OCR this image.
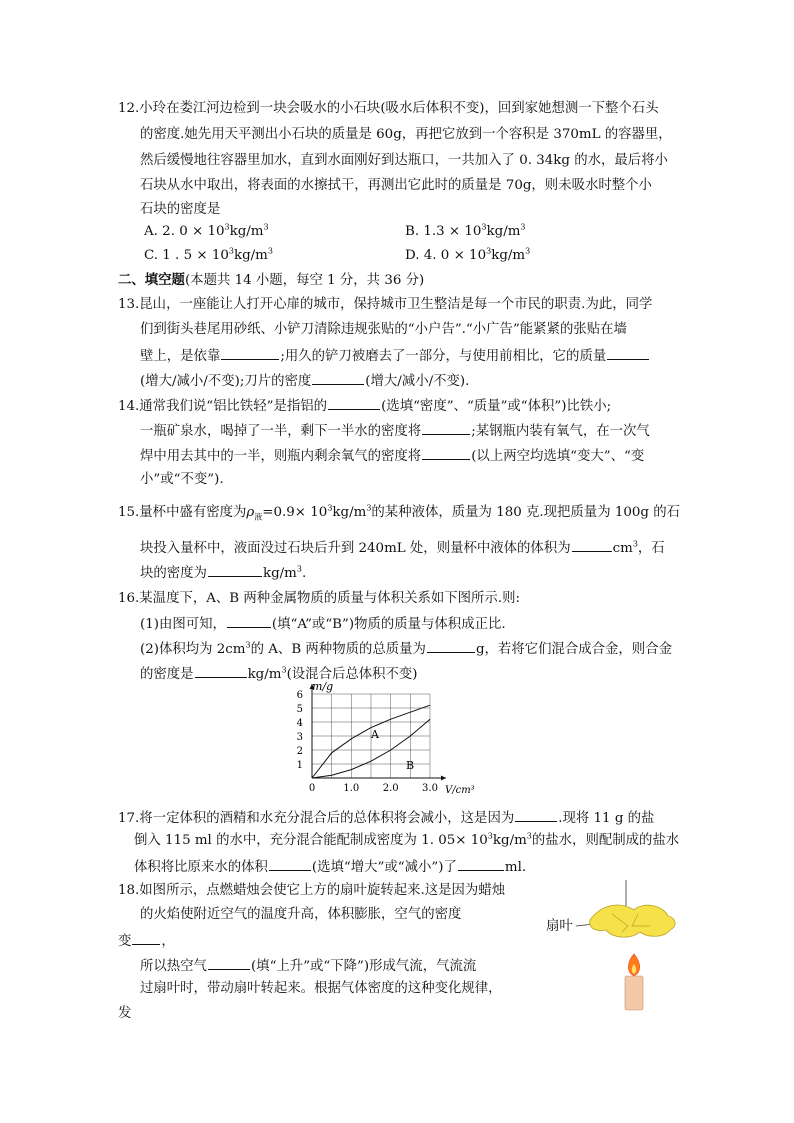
12.小玲在娄江河边检到一块会吸水的小石块(吸水后体积不变)，回到家她想测一下整个石头
的密度.她先用天平测出小石块的质量是 60g，再把它放到一个容积是 370mL 的容器里，
然后缓慢地往容器里加水，直到水面刚好到达瓶口，一共加入了 0. 34kg 的水，最后将小
石块从水中取出，将表面的水擦拭干，再测出它此时的质量是 70g，则未吸水时整个小
石块的密度是
A. 2. $0 \times 10^3kg/m^3$	B. $1.3 \times 10^3kg/m^3$
C. 1 . $5 \times 10^3kg/m^3$	D. 4. $0 \times 10^3kg/m^3$
二、填空题(本题共 14 小题，每空 1 分，共 36 分)
13.昆山，一座能让人打开心扉的城市，保持城市卫生整洁是每一个市民的职责.为此，同学
们到街头巷尾用砂纸、小铲刀清除违规张贴的“小户告”.“小广告”能紧紧的张贴在墙
壁上，是依靠	;用久的铲刀被磨去了一部分，与使用前相比，它的质量
(增大/减小/不变);刀片的密度	(增大/减小/不变).
14.通常我们说“铝比铁轻”是指铝的	(选填“密度”、“质量”或“体积”)比铁小;
一瓶矿泉水，喝掉了一半，剩下一半水的密度将	;某钢瓶内装有氧气，在一次气
焊中用去其中的一半，则瓶内剩余氧气的密度将	(以上两空均选填“变大”、“变
小”或“不变”).
15.量杯中盛有密度为$\rho_液=0.9\times 10^3kg/m^3$的某种液体，质量为 180 克.现把质量为 100g 的石
块投入量杯中，液面没过石块后升到 240mL 处，则量杯中液体的体积为	$cm^3$，石
块的密度为	$kg/m^3$.
16.某温度下，A、B 两种金属物质的质量与体积关系如下图所示.则:
(1)由图可知，	(填“A”或“B”)物质的质量与体积成正比.
(2)体积均为 $2cm^3$的 A、B 两种物质的总质量为	g，若将它们混合成合金，则合金
的密度是	$kg/m^3$(设混合后总体积不变)
1
2
3
4
5
6
0	1.0 2.0 3.0
m/g
V/cm³
A
B
17.将一定体积的酒精和水充分混合后的总体积将会减小，这是因为	.现将 11 g 的盐
倒入 115 ml 的水中，充分混合能配制成密度为 1. $05\times 10^3kg/m^3$的盐水，则配制成的盐水
体积将比原来水的体积	(选填“增大”或“减小”)了	ml.
18.如图所示，点燃蜡烛会使它上方的扇叶旋转起来.这是因为蜡烛
的火焰使附近空气的温度升高，体积膨胀，空气的密度
变 ，
所以热空气	(填“上升”或“下降”)形成气流，气流流
过扇叶时，带动扇叶转起来。根据气体密度的这种变化规律，
发
扇叶
